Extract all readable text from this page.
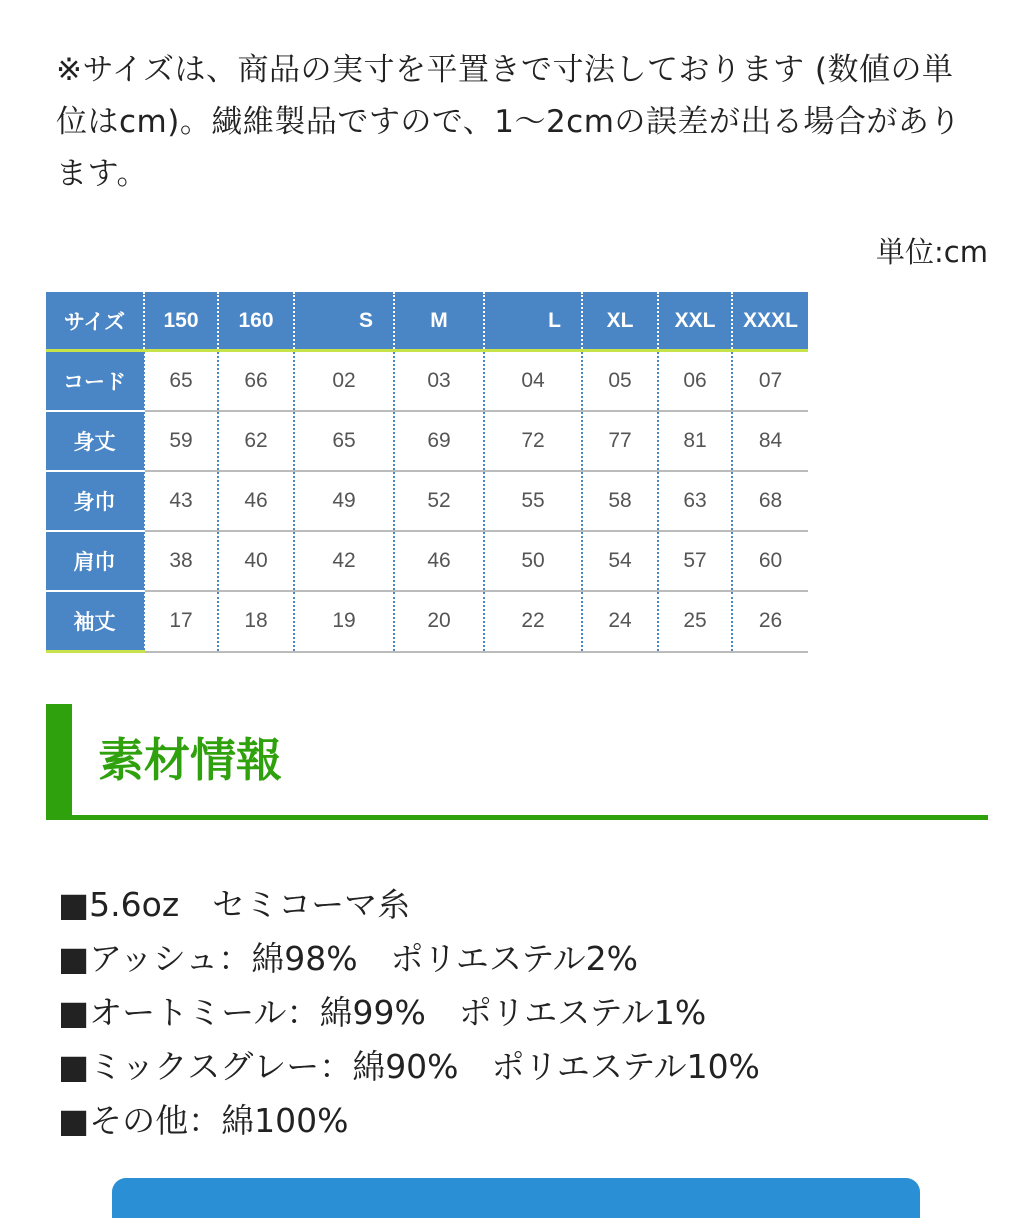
※サイズは、商品の実寸を平置きで寸法しております (数値の単
位はcm)。繊維製品ですので、1〜2cmの誤差が出る場合があり
ます。
単位:cm
サイズ	150	160	S	M	L	XL	XXL	XXXL
コード	65	66	02	03	04	05	06	07
身丈	59	62	65	69	72	77	81	84
身巾	43	46	49	52	55	58	63	68
肩巾	38	40	42	46	50	54	57	60
袖丈	17	18	19	20	22	24	25	26
素材情報
■5.6oz　セミコーマ糸
■アッシュ：綿98%　ポリエステル2%
■オートミール：綿99%　ポリエステル1%
■ミックスグレー：綿90%　ポリエステル10%
■その他：綿100%
